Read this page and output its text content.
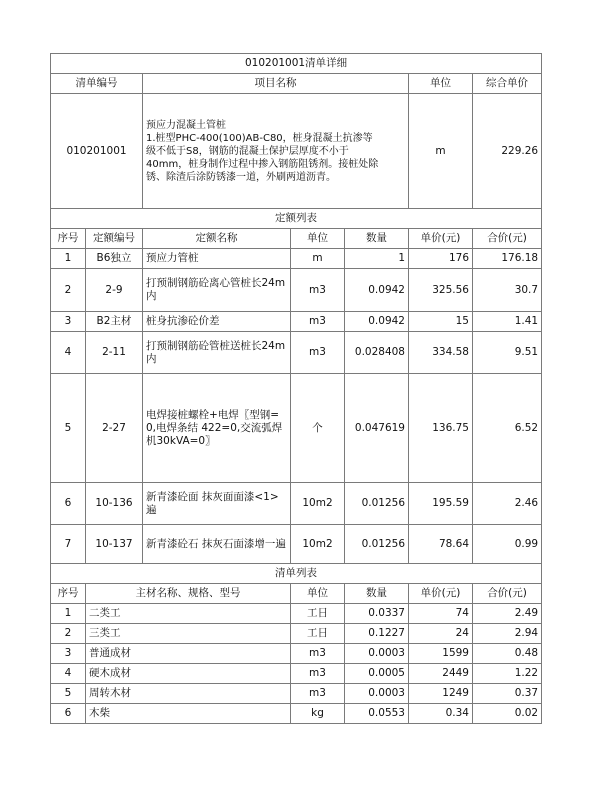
010201001清单详细						
清单编号		项目名称			单位	综合单价
010201001		预应力混凝土管桩
1.桩型PHC-400(100)AB-C80，桩身混凝土抗渗等
级不低于S8，钢筋的混凝土保护层厚度不小于
40mm，桩身制作过程中掺入钢筋阻锈剂。接桩处除
锈、除渣后涂防锈漆一道，外刷两道沥青。			m	229.26
定额列表						
序号	定额编号	定额名称	单位	数量	单价(元)	合价(元)
1	B6独立	预应力管桩	m	1	176	176.18
2	2-9	打预制钢筋砼离心管桩长24m内	m3	0.0942	325.56	30.7
3	B2主材	桩身抗渗砼价差	m3	0.0942	15	1.41
4	2-11	打预制钢筋砼管桩送桩长24m内	m3	0.028408	334.58	9.51
5	2-27	电焊接桩螺栓+电焊〖型钢=0,电焊条结 422=0,交流弧焊机30kVA=0〗	个	0.047619	136.75	6.52
6	10-136	新青漆砼面 抹灰面面漆<1>遍	10m2	0.01256	195.59	2.46
7	10-137	新青漆砼石 抹灰石面漆增一遍	10m2	0.01256	78.64	0.99
清单列表						
序号	主材名称、规格、型号		单位	数量	单价(元)	合价(元)
1	二类工		工日	0.0337	74	2.49
2	三类工		工日	0.1227	24	2.94
3	普通成材		m3	0.0003	1599	0.48
4	硬木成材		m3	0.0005	2449	1.22
5	周转木材		m3	0.0003	1249	0.37
6	木柴		kg	0.0553	0.34	0.02
